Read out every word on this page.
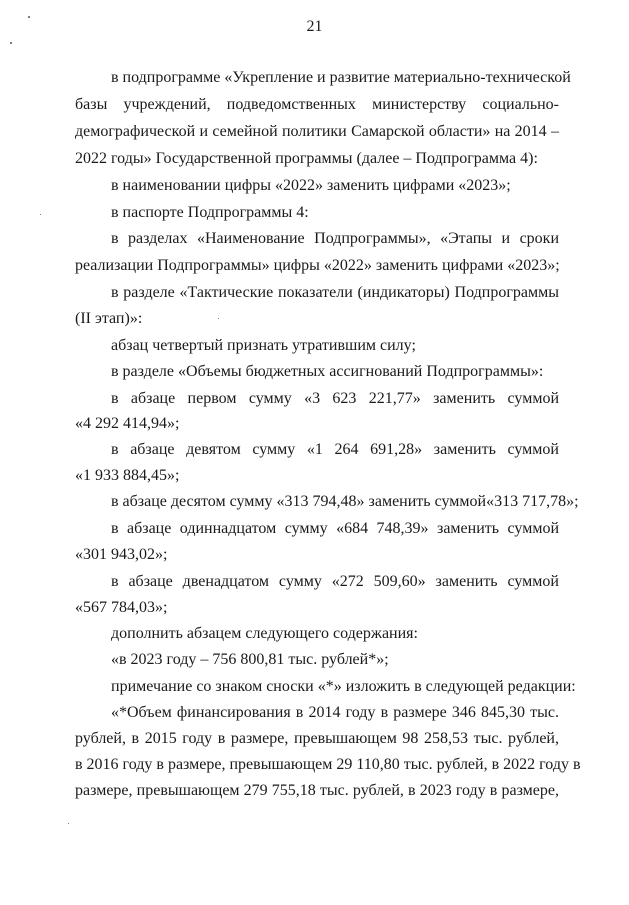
21
в подпрограмме «Укрепление и развитие материально-технической
базы учреждений, подведомственных министерству социально-
демографической и семейной политики Самарской области» на 2014 –
2022 годы» Государственной программы (далее – Подпрограмма 4):
в наименовании цифры «2022» заменить цифрами «2023»;
в паспорте Подпрограммы 4:
в разделах «Наименование Подпрограммы», «Этапы и сроки
реализации Подпрограммы» цифры «2022» заменить цифрами «2023»;
в разделе «Тактические показатели (индикаторы) Подпрограммы
(II этап)»:
абзац четвертый признать утратившим силу;
в разделе «Объемы бюджетных ассигнований Подпрограммы»:
в абзаце первом сумму «3 623 221,77» заменить суммой
«4 292 414,94»;
в абзаце девятом сумму «1 264 691,28» заменить суммой
«1 933 884,45»;
в абзаце десятом сумму «313 794,48» заменить суммой«313 717,78»;
в абзаце одиннадцатом сумму «684 748,39» заменить суммой
«301 943,02»;
в абзаце двенадцатом сумму «272 509,60» заменить суммой
«567 784,03»;
дополнить абзацем следующего содержания:
«в 2023 году – 756 800,81 тыс. рублей*»;
примечание со знаком сноски «*» изложить в следующей редакции:
«*Объем финансирования в 2014 году в размере 346 845,30 тыс.
рублей, в 2015 году в размере, превышающем 98 258,53 тыс. рублей,
в 2016 году в размере, превышающем 29 110,80 тыс. рублей, в 2022 году в
размере, превышающем 279 755,18 тыс. рублей, в 2023 году в размере,
